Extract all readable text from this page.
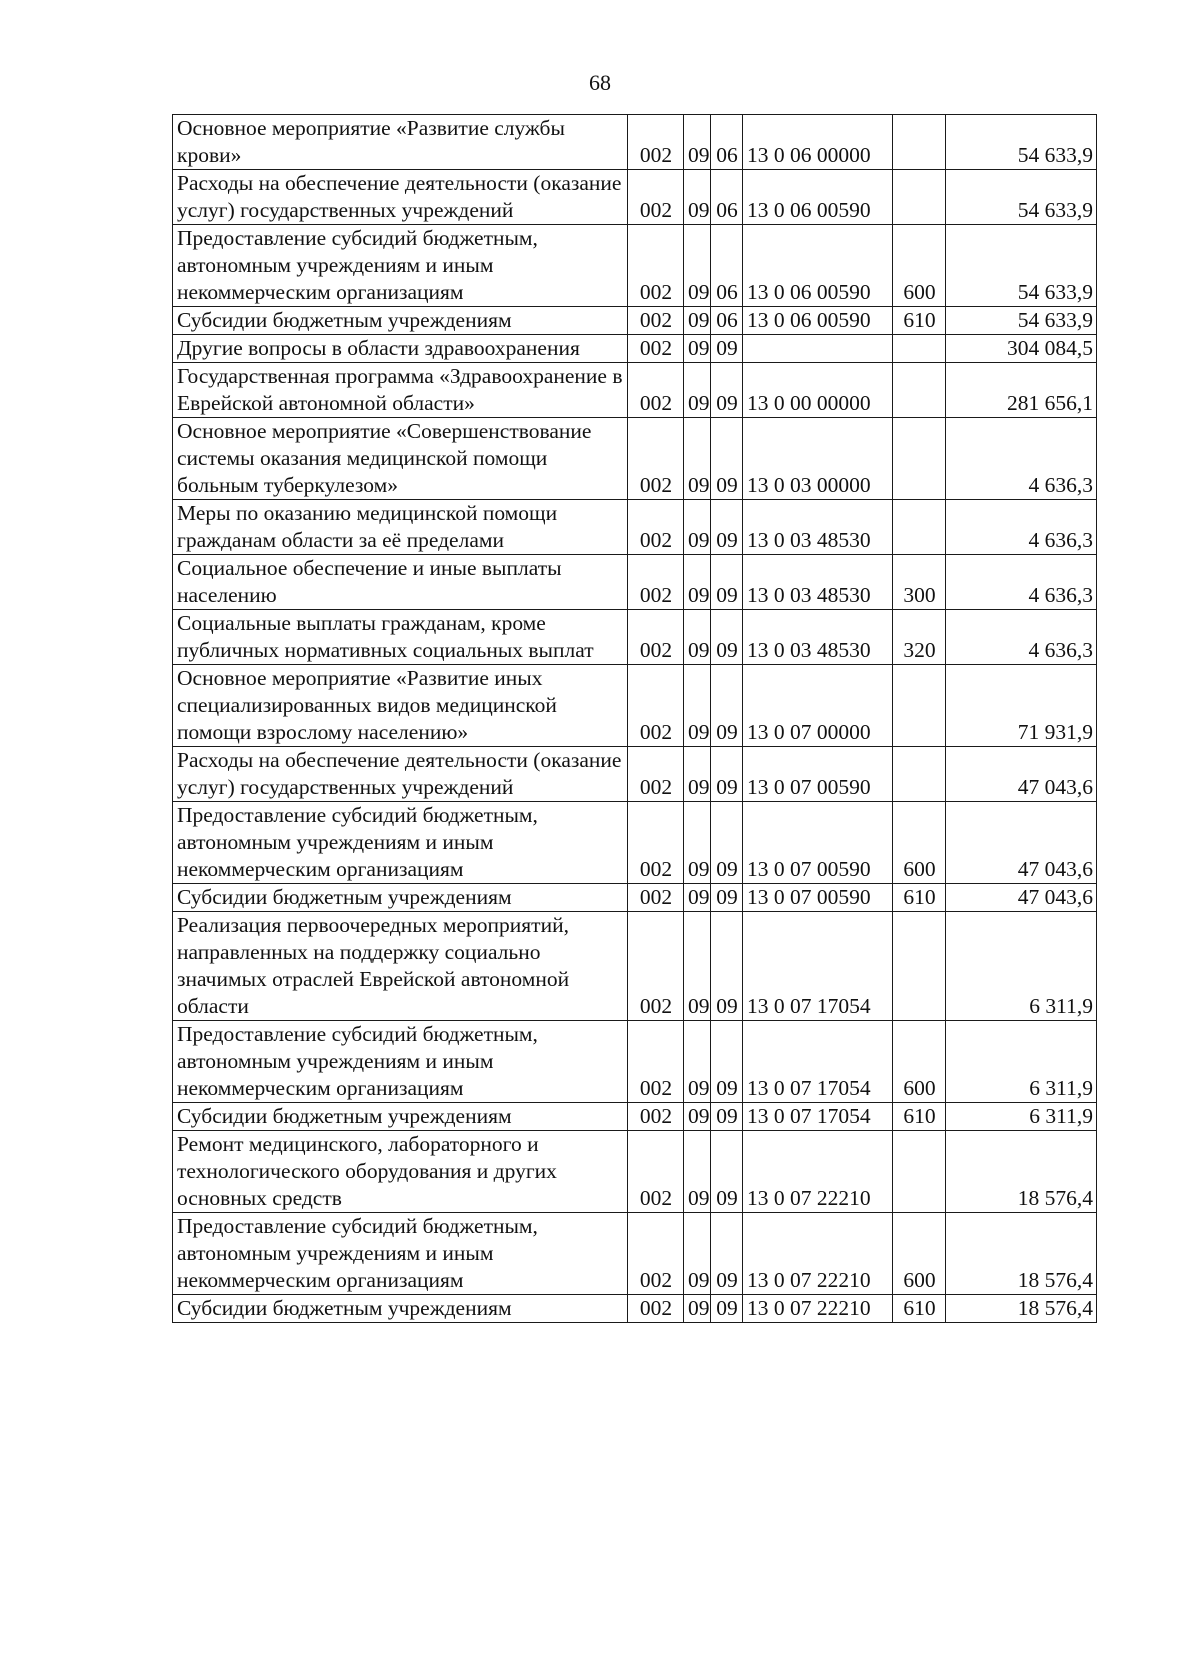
68
Основное мероприятие «Развитие службы крови»	002	09	06	13 0 06 00000		54 633,9
Расходы на обеспечение деятельности (оказание услуг) государственных учреждений	002	09	06	13 0 06 00590		54 633,9
Предоставление субсидий бюджетным, автономным учреждениям и иным некоммерческим организациям	002	09	06	13 0 06 00590	600	54 633,9
Субсидии бюджетным учреждениям	002	09	06	13 0 06 00590	610	54 633,9
Другие вопросы в области здравоохранения	002	09	09			304 084,5
Государственная программа «Здравоохранение в Еврейской автономной области»	002	09	09	13 0 00 00000		281 656,1
Основное мероприятие «Совершенствование системы оказания медицинской помощи больным туберкулезом»	002	09	09	13 0 03 00000		4 636,3
Меры по оказанию медицинской помощи гражданам области за её пределами	002	09	09	13 0 03 48530		4 636,3
Социальное обеспечение и иные выплаты населению	002	09	09	13 0 03 48530	300	4 636,3
Социальные выплаты гражданам, кроме публичных нормативных социальных выплат	002	09	09	13 0 03 48530	320	4 636,3
Основное мероприятие «Развитие иных специализированных видов медицинской помощи взрослому населению»	002	09	09	13 0 07 00000		71 931,9
Расходы на обеспечение деятельности (оказание услуг) государственных учреждений	002	09	09	13 0 07 00590		47 043,6
Предоставление субсидий бюджетным, автономным учреждениям и иным некоммерческим организациям	002	09	09	13 0 07 00590	600	47 043,6
Субсидии бюджетным учреждениям	002	09	09	13 0 07 00590	610	47 043,6
Реализация первоочередных мероприятий, направленных на поддержку социально значимых отраслей Еврейской автономной области	002	09	09	13 0 07 17054		6 311,9
Предоставление субсидий бюджетным, автономным учреждениям и иным некоммерческим организациям	002	09	09	13 0 07 17054	600	6 311,9
Субсидии бюджетным учреждениям	002	09	09	13 0 07 17054	610	6 311,9
Ремонт медицинского, лабораторного и технологического оборудования и других основных средств	002	09	09	13 0 07 22210		18 576,4
Предоставление субсидий бюджетным, автономным учреждениям и иным некоммерческим организациям	002	09	09	13 0 07 22210	600	18 576,4
Субсидии бюджетным учреждениям	002	09	09	13 0 07 22210	610	18 576,4
